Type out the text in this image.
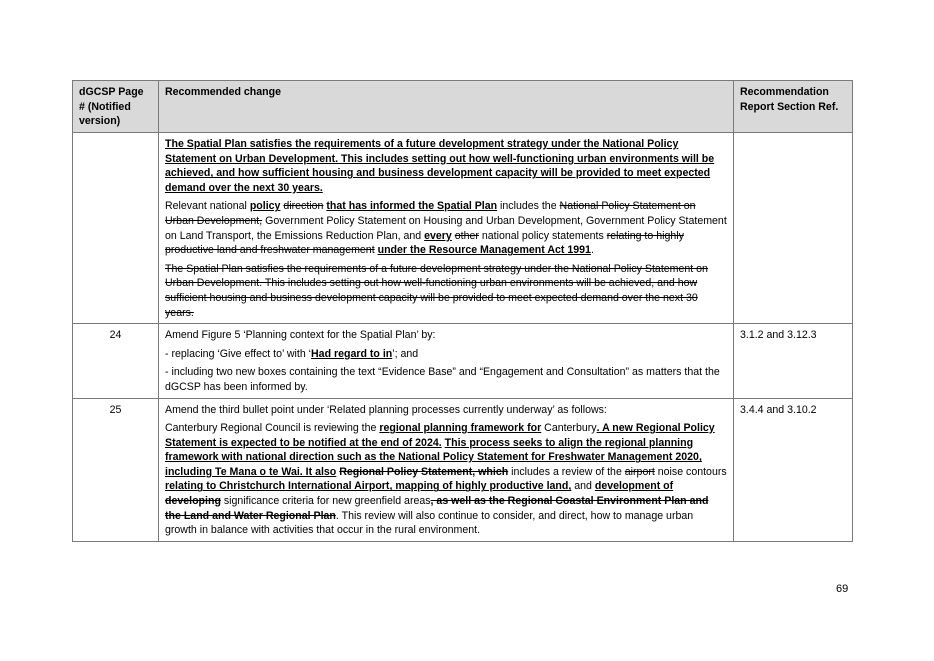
dGCSP Page # (Notified version)	Recommended change	Recommendation Report Section Ref.

	The Spatial Plan satisfies the requirements of a future development strategy under the National Policy Statement on Urban Development. This includes setting out how well-functioning urban environments will be achieved, and how sufficient housing and business development capacity will be provided to meet expected demand over the next 30 years.

Relevant national policy direction that has informed the Spatial Plan includes the National Policy Statement on Urban Development, Government Policy Statement on Housing and Urban Development, Government Policy Statement on Land Transport, the Emissions Reduction Plan, and every other national policy statements relating to highly productive land and freshwater management under the Resource Management Act 1991.

The Spatial Plan satisfies the requirements of a future development strategy under the National Policy Statement on Urban Development. This includes setting out how well-functioning urban environments will be achieved, and how sufficient housing and business development capacity will be provided to meet expected demand over the next 30 years.	

24	Amend Figure 5 ‘Planning context for the Spatial Plan’ by:

- replacing ‘Give effect to’ with ‘Had regard to in’; and

- including two new boxes containing the text “Evidence Base” and “Engagement and Consultation” as matters that the dGCSP has been informed by.	3.1.2 and 3.12.3
25	Amend the third bullet point under ‘Related planning processes currently underway’ as follows:

Canterbury Regional Council is reviewing the regional planning framework for Canterbury. A new Regional Policy Statement is expected to be notified at the end of 2024. This process seeks to align the regional planning framework with national direction such as the National Policy Statement for Freshwater Management 2020, including Te Mana o te Wai. It also Regional Policy Statement, which includes a review of the airport noise contours relating to Christchurch International Airport, mapping of highly productive land, and development of developing significance criteria for new greenfield areas, as well as the Regional Coastal Environment Plan and the Land and Water Regional Plan. This review will also continue to consider, and direct, how to manage urban growth in balance with activities that occur in the rural environment.	3.4.4 and 3.10.2
69
